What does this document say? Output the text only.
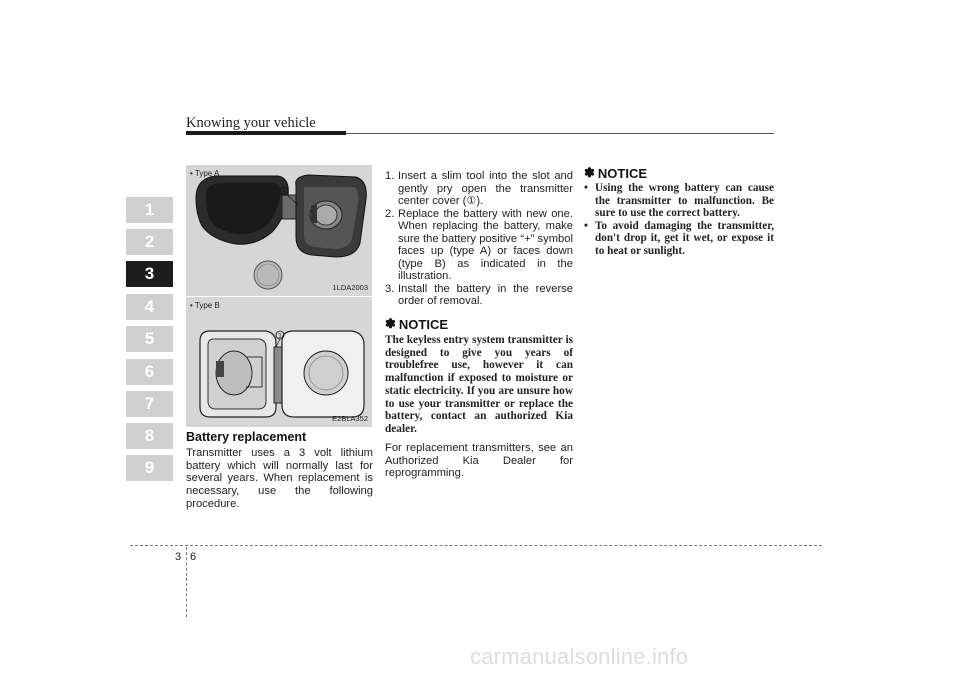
Knowing your vehicle
1
2
3
4
5
6
7
8
9
• Type A
1
1LDA2003
• Type B
1
E2BLA352
Battery replacement
Transmitter uses a 3 volt lithium battery which will normally last for several years. When replacement is necessary, use the following procedure.
1. Insert a slim tool into the slot and gently pry open the transmitter center cover (①).
2. Replace the battery with new one. When replacing the battery, make sure the battery positive “+” symbol faces up (type A) or faces down (type B) as indicated in the illustration.
3. Install the battery in the reverse order of removal.
✽ NOTICE
The keyless entry system transmitter is designed to give you years of troublefree use, however it can malfunction if exposed to moisture or static electricity. If you are unsure how to use your transmitter or replace the battery, contact an authorized Kia dealer.
For replacement transmitters, see an Authorized Kia Dealer for reprogramming.
✽ NOTICE
• Using the wrong battery can cause the transmitter to malfunction. Be sure to use the correct battery.
• To avoid damaging the transmitter, don't drop it, get it wet, or expose it to heat or sunlight.
3 6
carmanualsonline.info
